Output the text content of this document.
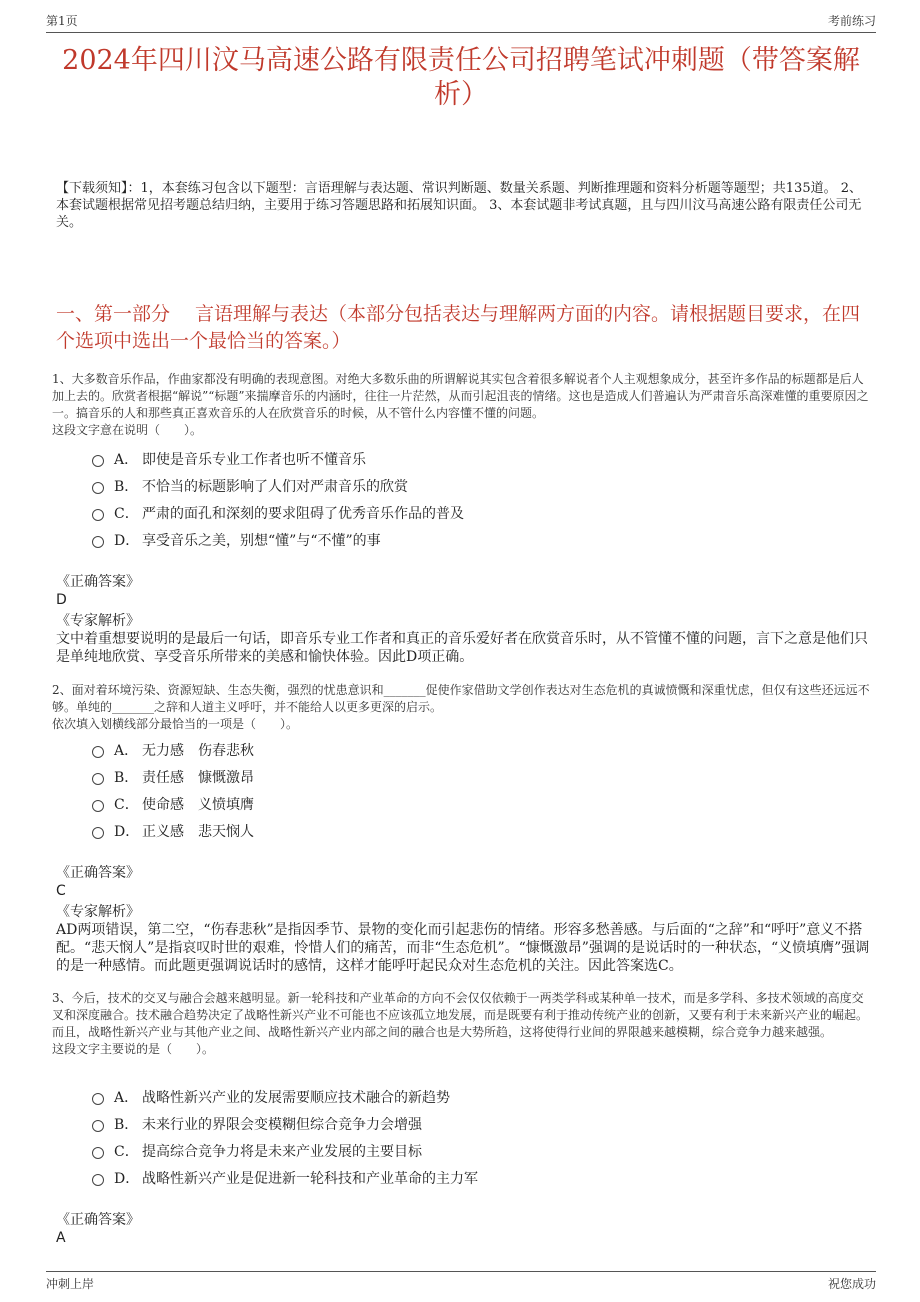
第1页	考前练习
2024年四川汶马高速公路有限责任公司招聘笔试冲刺题（带答案解析）
【下载须知】：1，本套练习包含以下题型：言语理解与表达题、常识判断题、数量关系题、判断推理题和资料分析题等题型；共135道。 2、本套试题根据常见招考题总结归纳，主要用于练习答题思路和拓展知识面。 3、本套试题非考试真题，且与四川汶马高速公路有限责任公司无关。
一、第一部分　 言语理解与表达（本部分包括表达与理解两方面的内容。请根据题目要求，在四个选项中选出一个最恰当的答案。）
1、大多数音乐作品，作曲家都没有明确的表现意图。对绝大多数乐曲的所谓解说其实包含着很多解说者个人主观想象成分，甚至许多作品的标题都是后人加上去的。欣赏者根据“解说”“标题”来揣摩音乐的内涵时，往往一片茫然，从而引起沮丧的情绪。这也是造成人们普遍认为严肃音乐高深难懂的重要原因之一。搞音乐的人和那些真正喜欢音乐的人在欣赏音乐的时候，从不管什么内容懂不懂的问题。
这段文字意在说明（　　）。
A． 即使是音乐专业工作者也听不懂音乐
B． 不恰当的标题影响了人们对严肃音乐的欣赏
C． 严肃的面孔和深刻的要求阻碍了优秀音乐作品的普及
D． 享受音乐之美，别想“懂”与“不懂”的事
《正确答案》
D
《专家解析》
文中着重想要说明的是最后一句话，即音乐专业工作者和真正的音乐爱好者在欣赏音乐时，从不管懂不懂的问题，言下之意是他们只是单纯地欣赏、享受音乐所带来的美感和愉快体验。因此D项正确。
2、面对着环境污染、资源短缺、生态失衡，强烈的忧患意识和_______促使作家借助文学创作表达对生态危机的真诚愤慨和深重忧虑，但仅有这些还远远不够。单纯的_______之辞和人道主义呼吁，并不能给人以更多更深的启示。
依次填入划横线部分最恰当的一项是（　　）。
A． 无力感　伤春悲秋
B． 责任感　慷慨激昂
C． 使命感　义愤填膺
D． 正义感　悲天悯人
《正确答案》
C
《专家解析》
AD两项错误，第二空，“伤春悲秋”是指因季节、景物的变化而引起悲伤的情绪。形容多愁善感。与后面的“之辞”和“呼吁”意义不搭配。“悲天悯人”是指哀叹时世的艰难，怜惜人们的痛苦，而非“生态危机”。“慷慨激昂”强调的是说话时的一种状态，“义愤填膺”强调的是一种感情。而此题更强调说话时的感情，这样才能呼吁起民众对生态危机的关注。因此答案选C。
3、今后，技术的交叉与融合会越来越明显。新一轮科技和产业革命的方向不会仅仅依赖于一两类学科或某种单一技术，而是多学科、多技术领域的高度交叉和深度融合。技术融合趋势决定了战略性新兴产业不可能也不应该孤立地发展，而是既要有利于推动传统产业的创新，又要有利于未来新兴产业的崛起。而且，战略性新兴产业与其他产业之间、战略性新兴产业内部之间的融合也是大势所趋，这将使得行业间的界限越来越模糊，综合竞争力越来越强。
这段文字主要说的是（　　）。
A． 战略性新兴产业的发展需要顺应技术融合的新趋势
B． 未来行业的界限会变模糊但综合竞争力会增强
C． 提高综合竞争力将是未来产业发展的主要目标
D． 战略性新兴产业是促进新一轮科技和产业革命的主力军
《正确答案》
A
冲刺上岸	祝您成功
